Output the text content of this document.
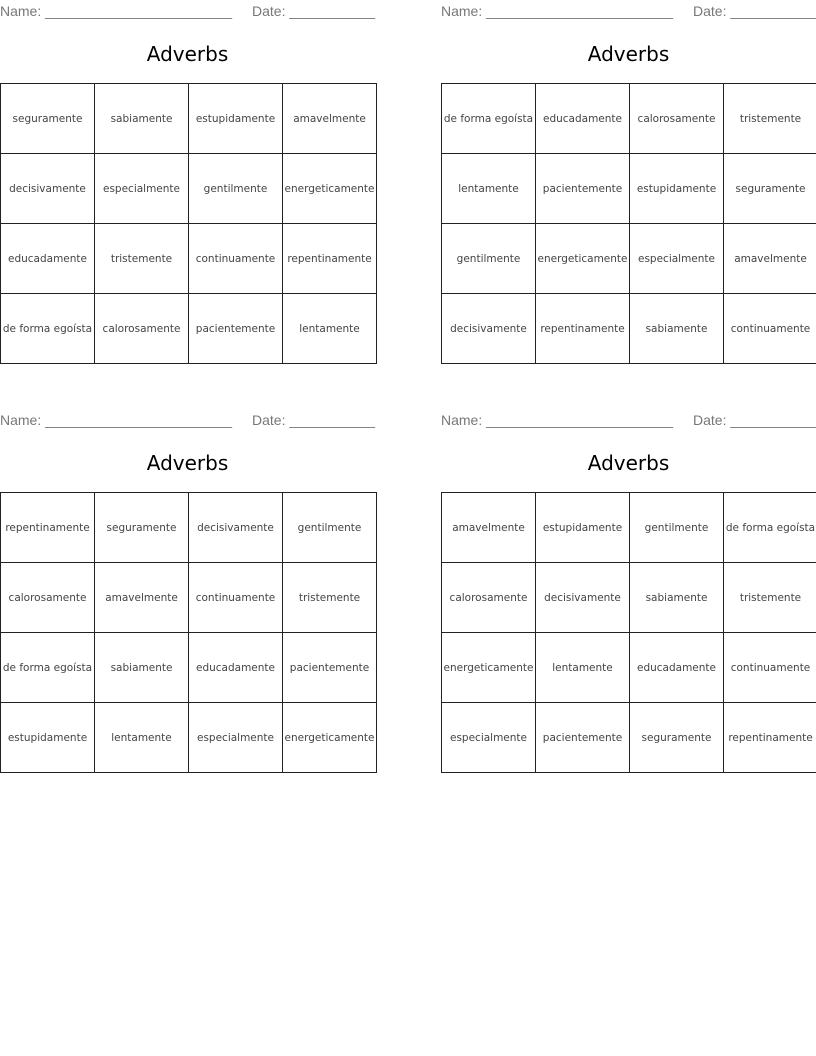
Name: ________________________ Date: ___________
Adverbs
seguramente	sabiamente	estupidamente	amavelmente
decisivamente	especialmente	gentilmente	energeticamente
educadamente	tristemente	continuamente	repentinamente
de forma egoísta	calorosamente	pacientemente	lentamente
Name: ________________________ Date: ___________
Adverbs
de forma egoísta	educadamente	calorosamente	tristemente
lentamente	pacientemente	estupidamente	seguramente
gentilmente	energeticamente	especialmente	amavelmente
decisivamente	repentinamente	sabiamente	continuamente
Name: ________________________ Date: ___________
Adverbs
repentinamente	seguramente	decisivamente	gentilmente
calorosamente	amavelmente	continuamente	tristemente
de forma egoísta	sabiamente	educadamente	pacientemente
estupidamente	lentamente	especialmente	energeticamente
Name: ________________________ Date: ___________
Adverbs
amavelmente	estupidamente	gentilmente	de forma egoísta
calorosamente	decisivamente	sabiamente	tristemente
energeticamente	lentamente	educadamente	continuamente
especialmente	pacientemente	seguramente	repentinamente
